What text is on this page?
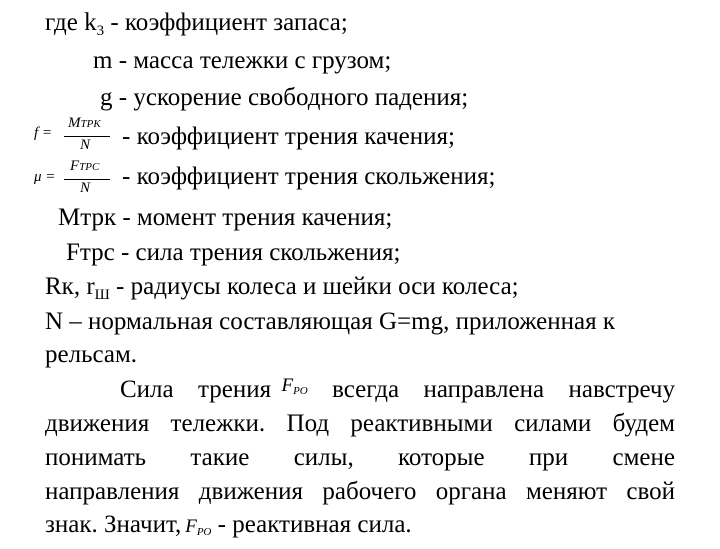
где $k_3$ - коэффициент запаса;
m - масса тележки с грузом;
g - ускорение свободного падения;
f =
MТРК
N - коэффициент трения качения;
μ =
FТРС
N - коэффициент трения скольжения;
Mтрк - момент трения качения;
Fтрс - сила трения скольжения;
Rк, $r_Ш$ - радиусы колеса и шейки оси колеса;
N – нормальная составляющая G=mg, приложенная к
рельсам.
Сила трения $^{F_{РО}}$ всегда направлена навстречу
движения тележки. Под реактивными силами будем
понимать такие силы, которые при смене
направления движения рабочего органа меняют свой
знак. Значит, $F_{РО}$ - реактивная сила.
